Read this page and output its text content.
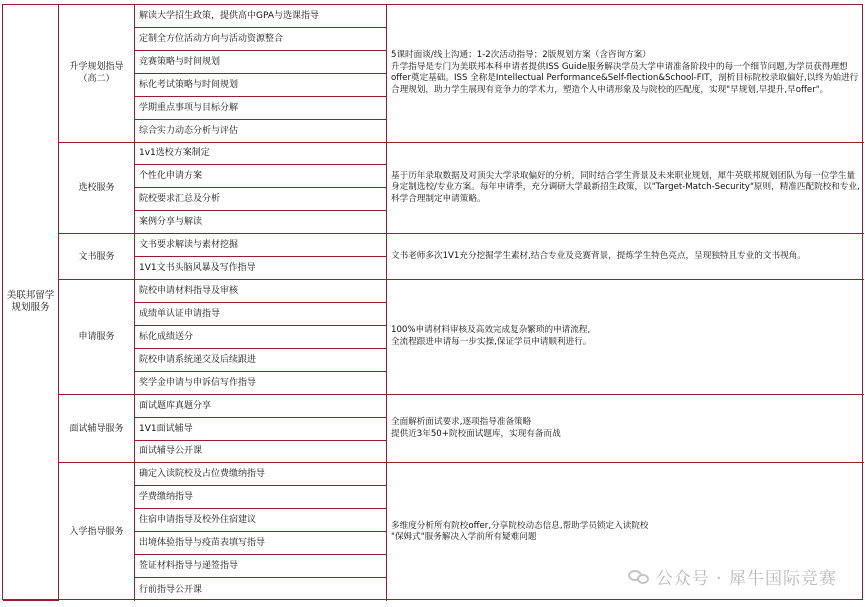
美联邦留学规划服务
升学规划指导
（高二）
解读大学招生政策，提供高中GPA与选课指导
定制全方位活动方向与活动资源整合
竞赛策略与时间规划
标化考试策略与时间规划
学期重点事项与目标分解
综合实力动态分析与评估
5课时面谈/线上沟通；1-2次活动指导；2版规划方案（含咨询方案）
升学指导是专门为美联邦本科申请者提供ISS Guide服务解决学员大学申请准备阶段中的每一个细节问题,为学员获得理想offer奠定基础。ISS 全称是Intellectual Performance&Self-flection&School-FIT，剖析目标院校录取偏好,以终为始进行合理规划，助力学生展现有竞争力的学术力，塑造个人申请形象及与院校的匹配度，实现"早规划,早提升,早offer"。
选校服务
1v1选校方案制定
个性化申请方案
院校要求汇总及分析
案例分享与解读
基于历年录取数据及对顶尖大学录取偏好的分析，同时结合学生背景及未来职业规划，犀牛英联邦规划团队为每一位学生量身定制选校/专业方案。每年申请季，充分调研大学最新招生政策，以"Target-Match-Security"原则，精准匹配院校和专业,科学合理制定申请策略。
文书服务
文书要求解读与素材挖掘
1V1文书头脑风暴及写作指导
文书老师多次1V1充分挖掘学生素材,结合专业及竞赛背景，提炼学生特色亮点，呈现独特且专业的文书视角。
申请服务
院校申请材料指导及审核
成绩单认证申请指导
标化成绩送分
院校申请系统递交及后续跟进
奖学金申请与申诉信写作指导
100%申请材料审核及高效完成复杂繁琐的申请流程,
全流程跟进申请每一步实操,保证学员申请顺利进行。
面试辅导服务
面试题库真题分享
1V1面试辅导
面试辅导公开课
全面解析面试要求,逐项指导准备策略
提供近3年50+院校面试题库，实现有备而战
入学指导服务
确定入读院校及占位费缴纳指导
学费缴纳指导
住宿申请指导及校外住宿建议
出境体验指导与疫苗表填写指导
签证材料指导与递签指导
行前指导公开课
多维度分析所有院校offer,分享院校动态信息,帮助学员锁定入读院校
"保姆式"服务解决入学前所有疑难问题
公众号 · 犀牛国际竞赛
